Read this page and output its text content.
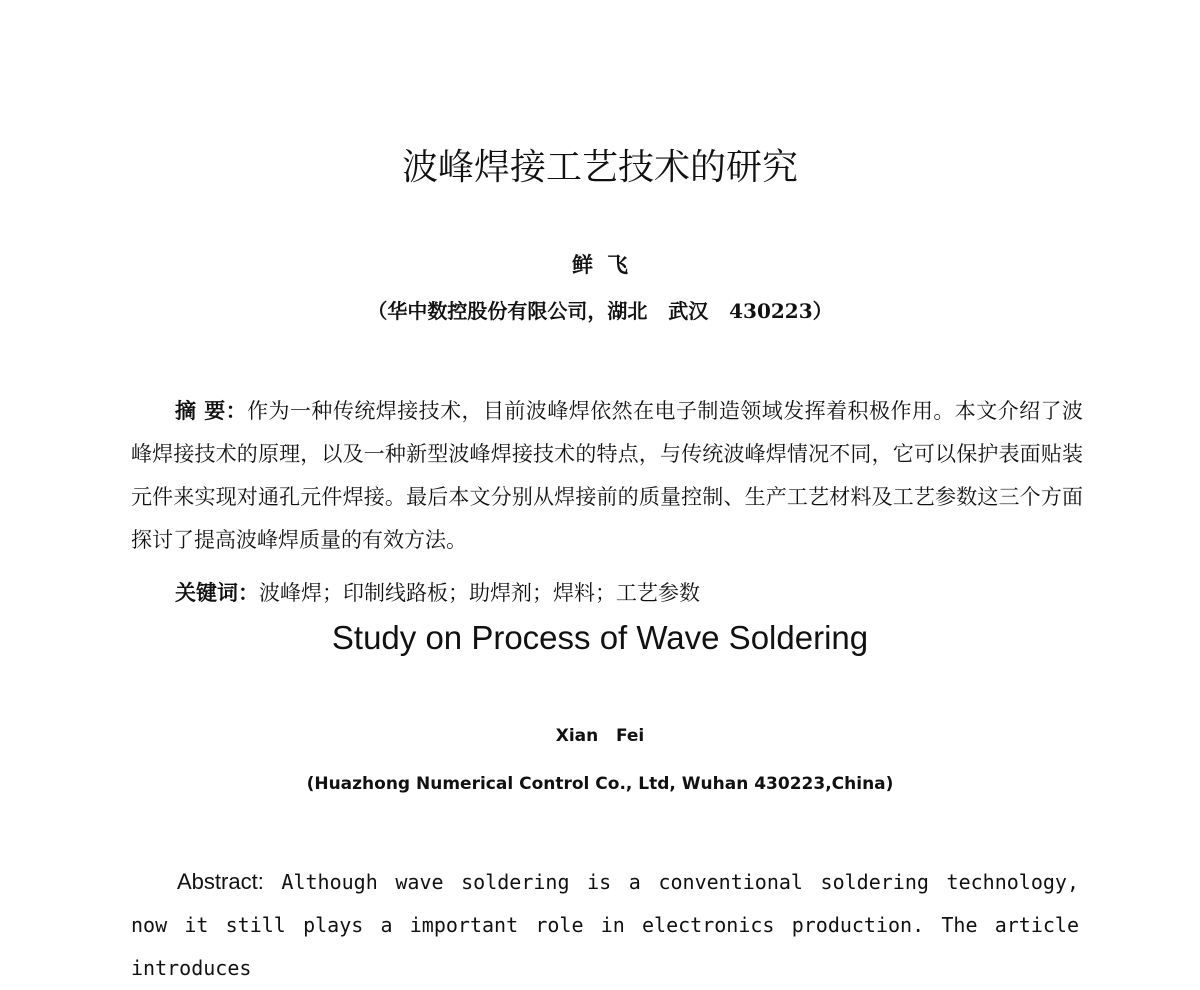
波峰焊接工艺技术的研究
鲜飞
（华中数控股份有限公司，湖北   武汉   430223）
摘 要：作为一种传统焊接技术，目前波峰焊依然在电子制造领域发挥着积极作用。本文介绍了波峰焊接技术的原理，以及一种新型波峰焊接技术的特点，与传统波峰焊情况不同，它可以保护表面贴装元件来实现对通孔元件焊接。最后本文分别从焊接前的质量控制、生产工艺材料及工艺参数这三个方面探讨了提高波峰焊质量的有效方法。
关键词：波峰焊；印制线路板；助焊剂；焊料；工艺参数
Study on Process of Wave Soldering
Xian   Fei
(Huazhong Numerical Control Co., Ltd, Wuhan 430223,China)
Abstract: Although wave soldering is a conventional soldering technology, now it still plays a important role in electronics production. The article introduces
